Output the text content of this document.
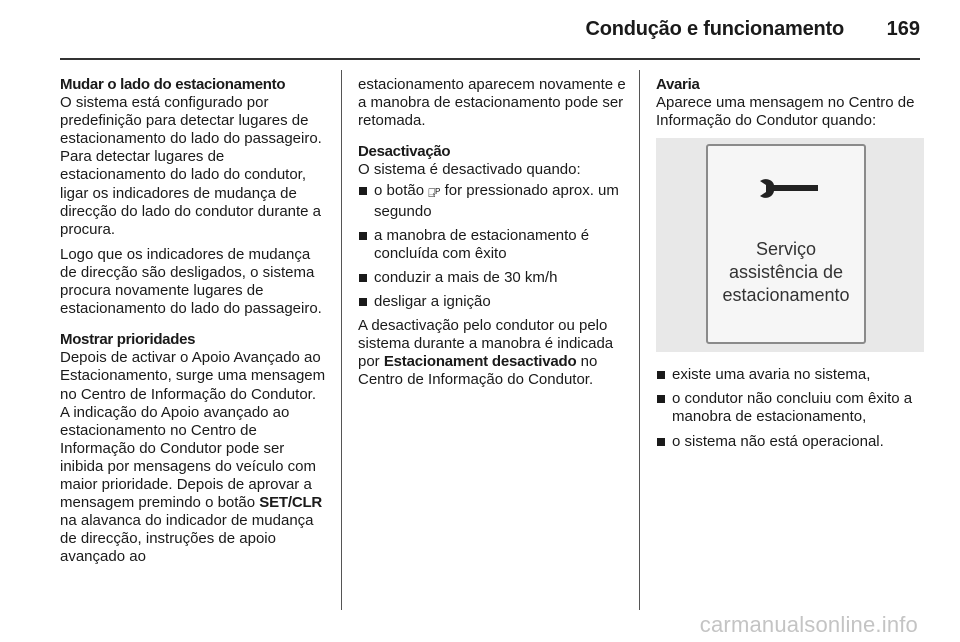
Condução e funcionamento 169

Mudar o lado do estacionamento

O sistema está configurado por predefinição para detectar lugares de estacionamento do lado do passageiro. Para detectar lugares de estacionamento do lado do condutor, ligar os indicadores de mudança de direcção do lado do condutor durante a procura.

Logo que os indicadores de mudança de direcção são desligados, o sistema procura novamente lugares de estacionamento do lado do passageiro.

Mostrar prioridades

Depois de activar o Apoio Avançado ao Estacionamento, surge uma mensagem no Centro de Informação do Condutor. A indicação do Apoio avançado ao estacionamento no Centro de Informação do Condutor pode ser inibida por mensagens do veículo com maior prioridade. Depois de aprovar a mensagem premindo o botão SET/CLR na alavanca do indicador de mudança de direcção, instruções de apoio avançado ao

estacionamento aparecem novamente e a manobra de estacionamento pode ser retomada.

Desactivação

O sistema é desactivado quando:

o botão ⍈ᴾ for pressionado aprox. um segundo
a manobra de estacionamento é concluída com êxito
conduzir a mais de 30 km/h
desligar a ignição

A desactivação pelo condutor ou pelo sistema durante a manobra é indicada por Estacionament desactivado no Centro de Informação do Condutor.

Avaria

Aparece uma mensagem no Centro de Informação do Condutor quando:

Serviço
assistência de
estacionamento
existe uma avaria no sistema,
o condutor não concluiu com êxito a manobra de estacionamento,
o sistema não está operacional.
carmanualsonline.info
